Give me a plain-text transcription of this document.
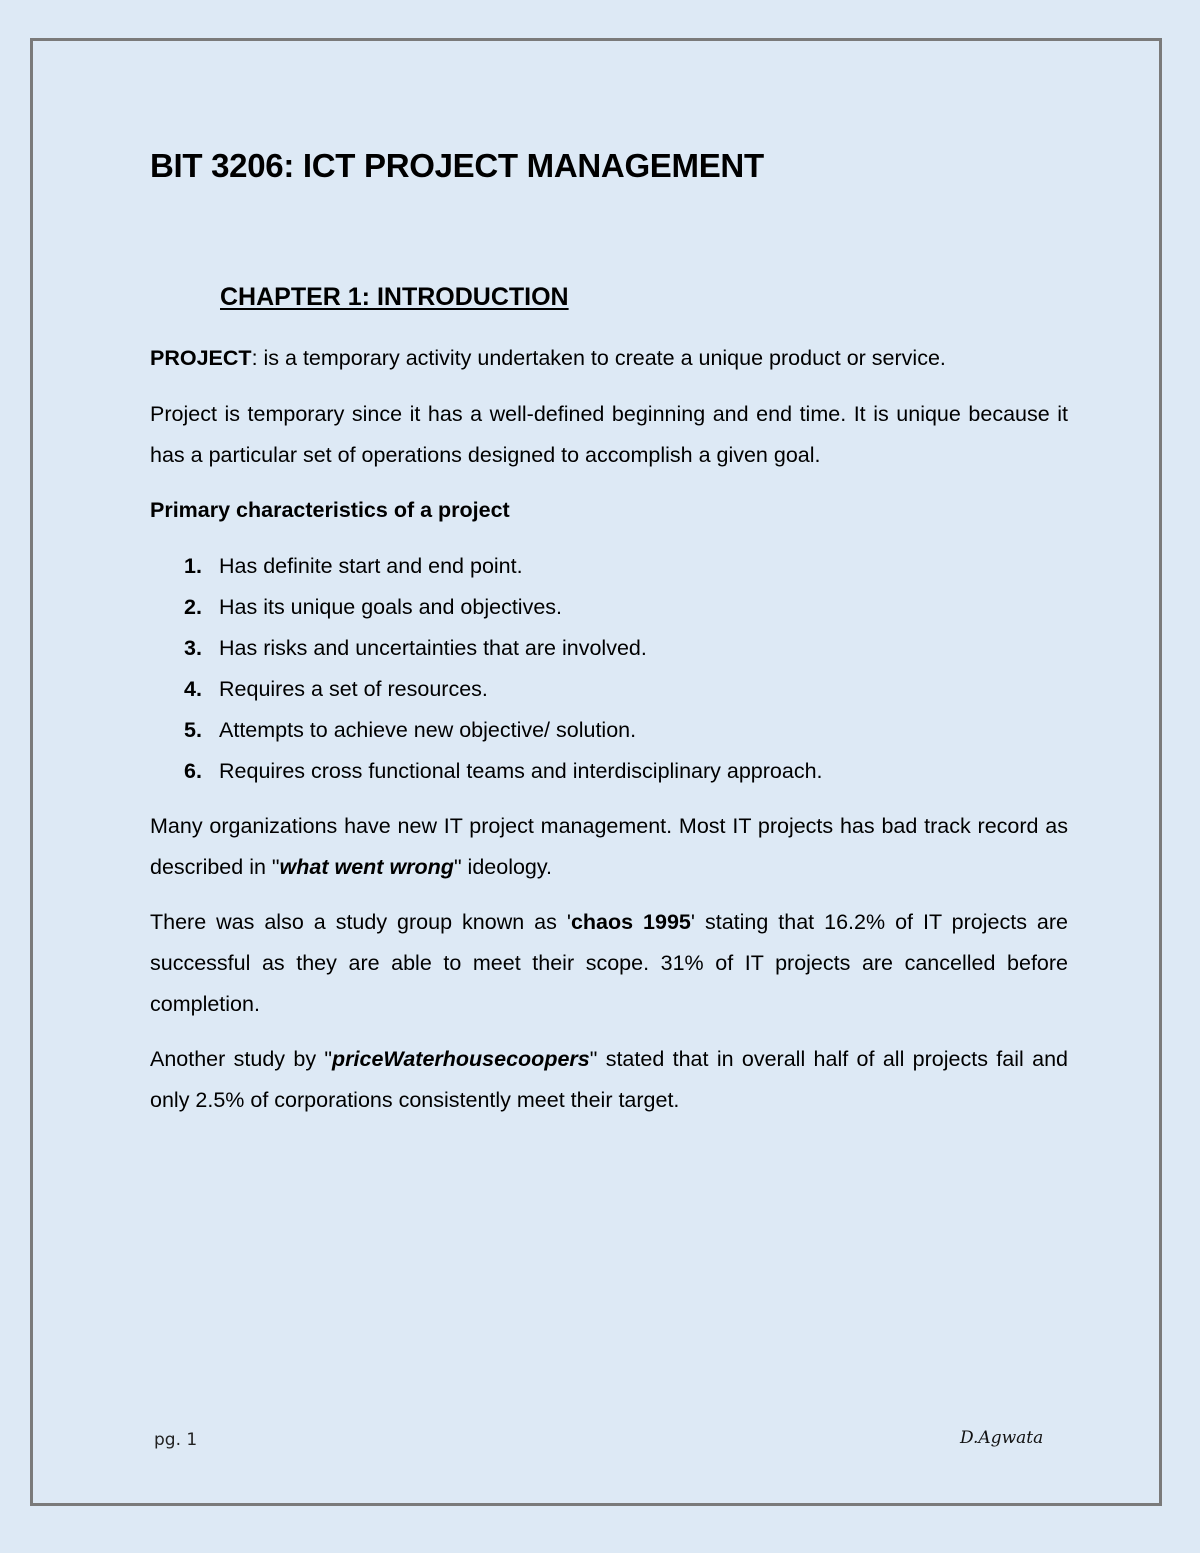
BIT 3206: ICT PROJECT MANAGEMENT
CHAPTER 1: INTRODUCTION

PROJECT: is a temporary activity undertaken to create a unique product or service.

Project is temporary since it has a well-defined beginning and end time. It is unique because it has a particular set of operations designed to accomplish a given goal.

Primary characteristics of a project
1. Has definite start and end point.
2. Has its unique goals and objectives.
3. Has risks and uncertainties that are involved.
4. Requires a set of resources.
5. Attempts to achieve new objective/ solution.
6. Requires cross functional teams and interdisciplinary approach.

Many organizations have new IT project management. Most IT projects has bad track record as described in "what went wrong" ideology.

There was also a study group known as 'chaos 1995' stating that 16.2% of IT projects are successful as they are able to meet their scope. 31% of IT projects are cancelled before completion.

Another study by "priceWaterhousecoopers" stated that in overall half of all projects fail and only 2.5% of corporations consistently meet their target.

pg. 1	D.Agwata
